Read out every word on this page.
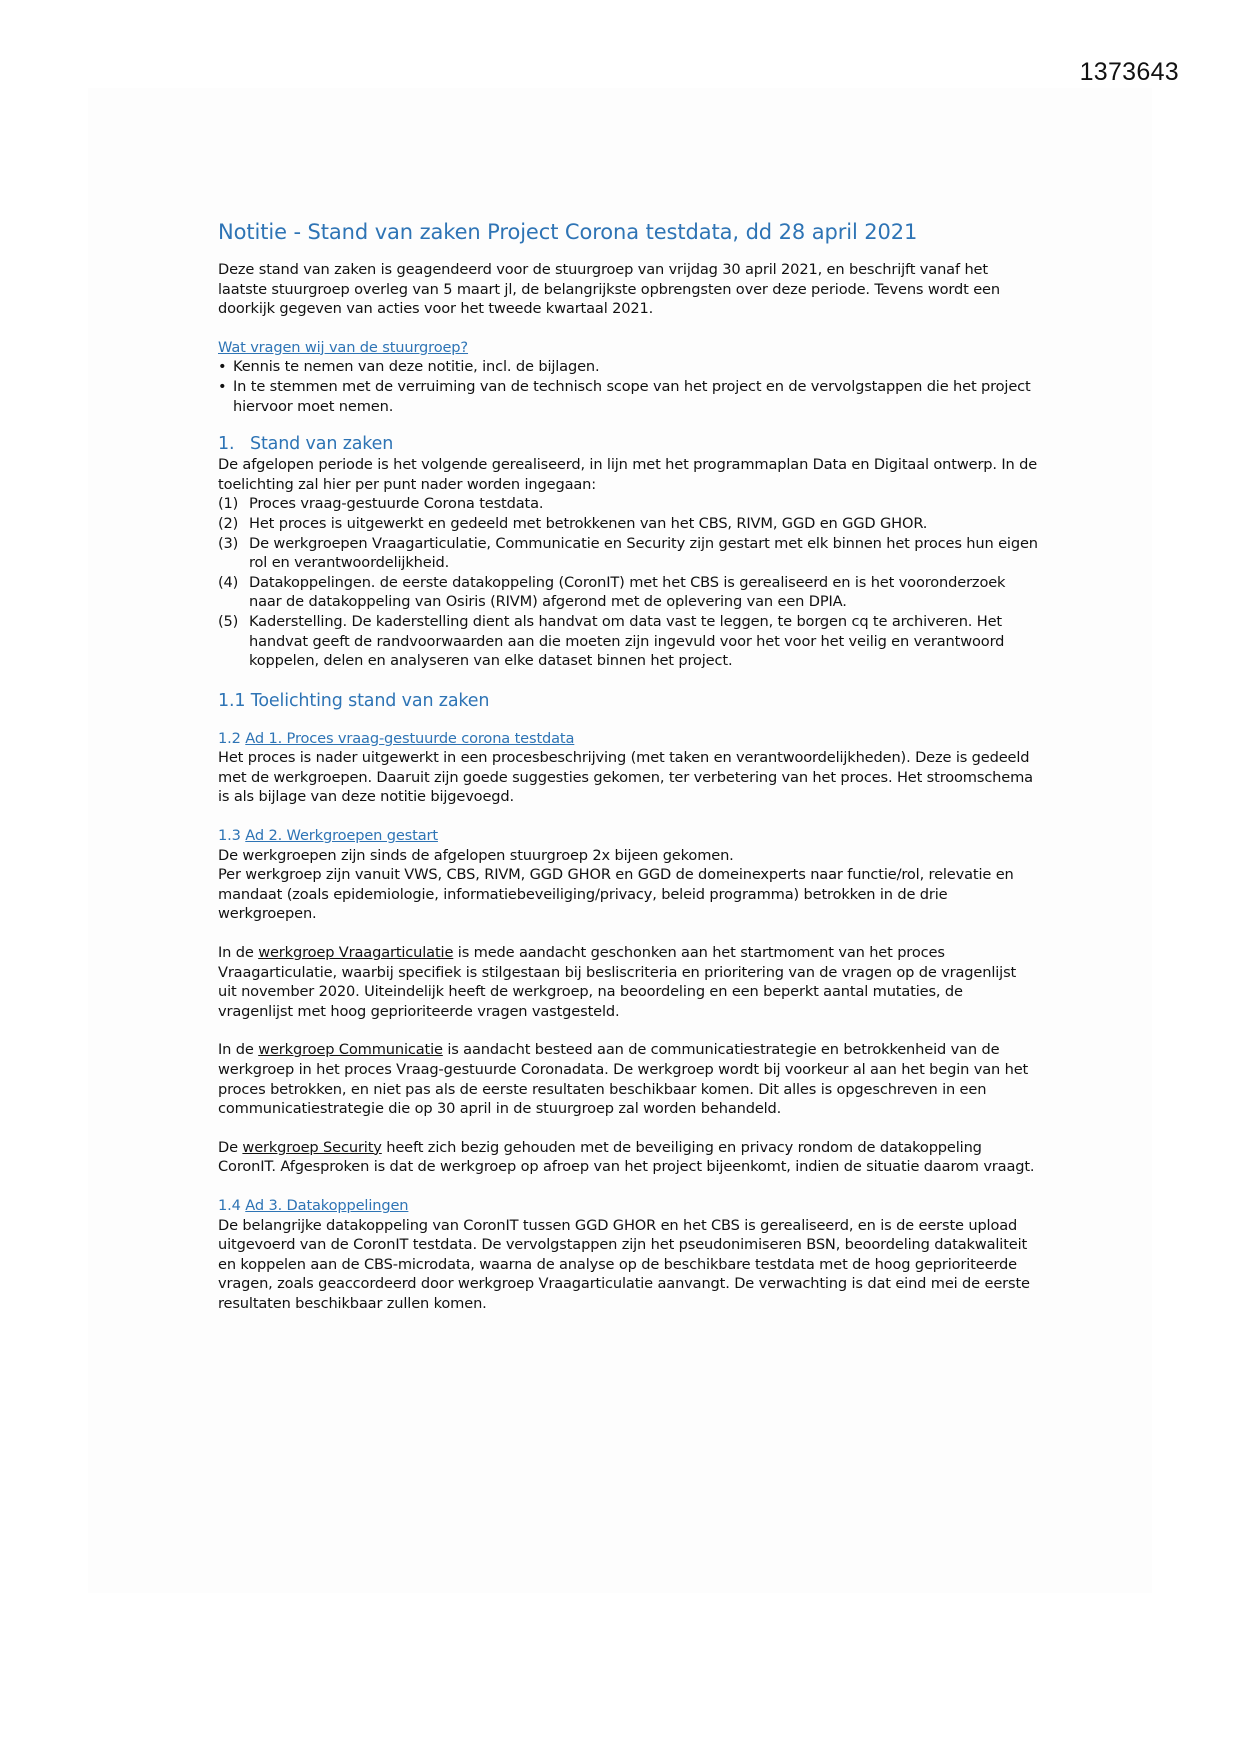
1373643
Notitie - Stand van zaken Project Corona testdata, dd 28 april 2021

Deze stand van zaken is geagendeerd voor de stuurgroep van vrijdag 30 april 2021, en beschrijft vanaf het laatste stuurgroep overleg van 5 maart jl, de belangrijkste opbrengsten over deze periode. Tevens wordt een doorkijk gegeven van acties voor het tweede kwartaal 2021.

Wat vragen wij van de stuurgroep?

• Kennis te nemen van deze notitie, incl. de bijlagen.
• In te stemmen met de verruiming van de technisch scope van het project en de vervolgstappen die het project hiervoor moet nemen.
1. Stand van zaken

De afgelopen periode is het volgende gerealiseerd, in lijn met het programmaplan Data en Digitaal ontwerp. In de toelichting zal hier per punt nader worden ingegaan:

(1) Proces vraag-gestuurde Corona testdata.
(2) Het proces is uitgewerkt en gedeeld met betrokkenen van het CBS, RIVM, GGD en GGD GHOR.
(3) De werkgroepen Vraagarticulatie, Communicatie en Security zijn gestart met elk binnen het proces hun eigen rol en verantwoordelijkheid.
(4) Datakoppelingen. de eerste datakoppeling (CoronIT) met het CBS is gerealiseerd en is het vooronderzoek naar de datakoppeling van Osiris (RIVM) afgerond met de oplevering van een DPIA.
(5) Kaderstelling. De kaderstelling dient als handvat om data vast te leggen, te borgen cq te archiveren. Het handvat geeft de randvoorwaarden aan die moeten zijn ingevuld voor het voor het veilig en verantwoord koppelen, delen en analyseren van elke dataset binnen het project.
1.1 Toelichting stand van zaken

1.2 Ad 1. Proces vraag-gestuurde corona testdata

Het proces is nader uitgewerkt in een procesbeschrijving (met taken en verantwoordelijkheden). Deze is gedeeld met de werkgroepen. Daaruit zijn goede suggesties gekomen, ter verbetering van het proces. Het stroomschema is als bijlage van deze notitie bijgevoegd.

1.3 Ad 2. Werkgroepen gestart

De werkgroepen zijn sinds de afgelopen stuurgroep 2x bijeen gekomen.

Per werkgroep zijn vanuit VWS, CBS, RIVM, GGD GHOR en GGD de domeinexperts naar functie/rol, relevatie en mandaat (zoals epidemiologie, informatiebeveiliging/privacy, beleid programma) betrokken in de drie werkgroepen.

In de werkgroep Vraagarticulatie is mede aandacht geschonken aan het startmoment van het proces Vraagarticulatie, waarbij specifiek is stilgestaan bij besliscriteria en prioritering van de vragen op de vragenlijst uit november 2020. Uiteindelijk heeft de werkgroep, na beoordeling en een beperkt aantal mutaties, de vragenlijst met hoog geprioriteerde vragen vastgesteld.

In de werkgroep Communicatie is aandacht besteed aan de communicatiestrategie en betrokkenheid van de werkgroep in het proces Vraag-gestuurde Coronadata. De werkgroep wordt bij voorkeur al aan het begin van het proces betrokken, en niet pas als de eerste resultaten beschikbaar komen. Dit alles is opgeschreven in een communicatiestrategie die op 30 april in de stuurgroep zal worden behandeld.

De werkgroep Security heeft zich bezig gehouden met de beveiliging en privacy rondom de datakoppeling CoronIT. Afgesproken is dat de werkgroep op afroep van het project bijeenkomt, indien de situatie daarom vraagt.

1.4 Ad 3. Datakoppelingen

De belangrijke datakoppeling van CoronIT tussen GGD GHOR en het CBS is gerealiseerd, en is de eerste upload uitgevoerd van de CoronIT testdata. De vervolgstappen zijn het pseudonimiseren BSN, beoordeling datakwaliteit en koppelen aan de CBS-microdata, waarna de analyse op de beschikbare testdata met de hoog geprioriteerde vragen, zoals geaccordeerd door werkgroep Vraagarticulatie aanvangt. De verwachting is dat eind mei de eerste resultaten beschikbaar zullen komen.
